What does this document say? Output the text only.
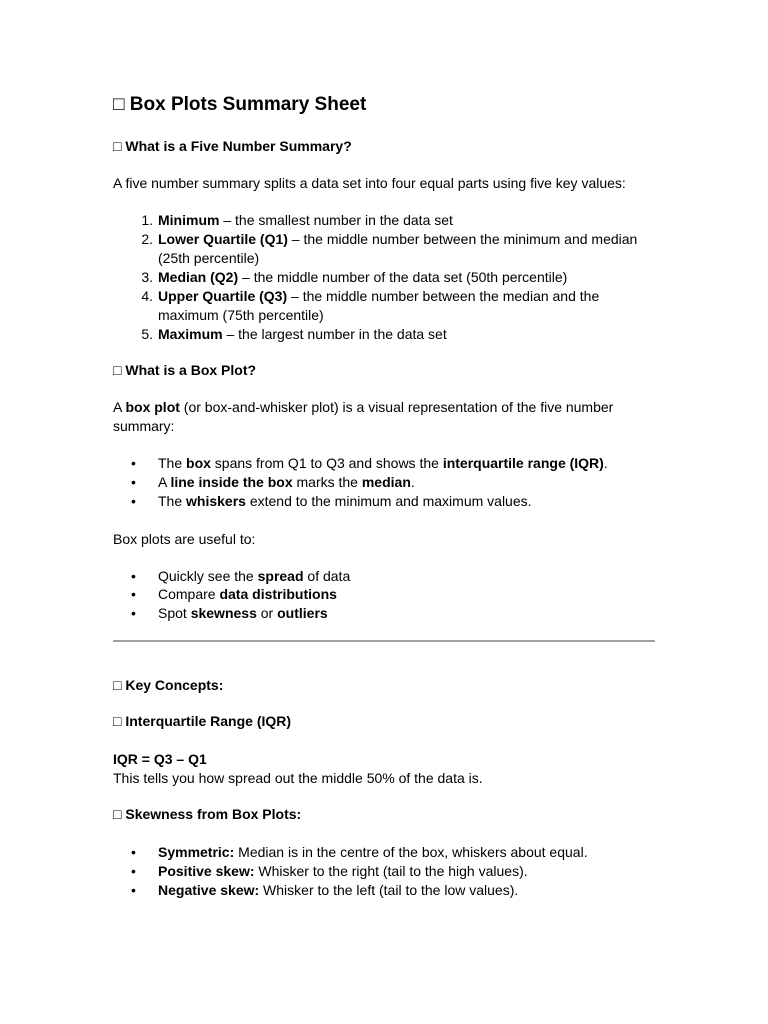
□ Box Plots Summary Sheet
□ What is a Five Number Summary?
A five number summary splits a data set into four equal parts using five key values:
1. Minimum – the smallest number in the data set
2. Lower Quartile (Q1) – the middle number between the minimum and median (25th percentile)
3. Median (Q2) – the middle number of the data set (50th percentile)
4. Upper Quartile (Q3) – the middle number between the median and the maximum (75th percentile)
5. Maximum – the largest number in the data set
□ What is a Box Plot?
A box plot (or box-and-whisker plot) is a visual representation of the five number summary:
• The box spans from Q1 to Q3 and shows the interquartile range (IQR).
• A line inside the box marks the median.
• The whiskers extend to the minimum and maximum values.
Box plots are useful to:
• Quickly see the spread of data
• Compare data distributions
• Spot skewness or outliers
□ Key Concepts:
□ Interquartile Range (IQR)
IQR = Q3 – Q1
This tells you how spread out the middle 50% of the data is.
□ Skewness from Box Plots:
• Symmetric: Median is in the centre of the box, whiskers about equal.
• Positive skew: Whisker to the right (tail to the high values).
• Negative skew: Whisker to the left (tail to the low values).
